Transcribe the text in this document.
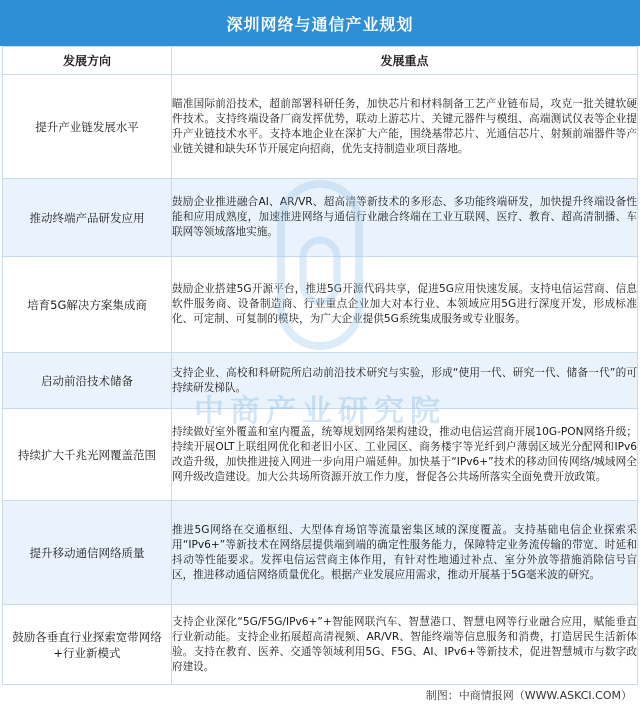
深圳网络与通信产业规划
发展方向	发展重点
提升产业链发展水平	瞄准国际前沿技术，超前部署科研任务，加快芯片和材料制备工艺产业链布局，攻克一批关键软硬件技术。支持终端设备厂商发挥优势，联动上游芯片、关键元器件与模组、高端测试仪表等企业提升产业链技术水平。支持本地企业在深扩大产能，围绕基带芯片、光通信芯片、射频前端器件等产业链关键和缺失环节开展定向招商，优先支持制造业项目落地。
推动终端产品研发应用	鼓励企业推进融合AI、AR/VR、超高清等新技术的多形态、多功能终端研发，加快提升终端设备性能和应用成熟度，加速推进网络与通信行业融合终端在工业互联网、医疗、教育、超高清制播、车联网等领域落地实施。
培育5G解决方案集成商	鼓励企业搭建5G开源平台，推进5G开源代码共享，促进5G应用快速发展。支持电信运营商、信息软件服务商、设备制造商、行业重点企业加大对本行业、本领域应用5G进行深度开发，形成标准化、可定制、可复制的模块，为广大企业提供5G系统集成服务或专业服务。
启动前沿技术储备	支持企业、高校和科研院所启动前沿技术研究与实验，形成“使用一代、研究一代、储备一代”的可持续研发梯队。
持续扩大千兆光网覆盖范围	持续做好室外覆盖和室内覆盖，统筹规划网络架构建设，推动电信运营商开展10G-PON网络升级；持续开展OLT上联组网优化和老旧小区、工业园区、商务楼宇等光纤到户薄弱区域光分配网和IPv6改造升级，加快推进接入网进一步向用户端延伸。加快基于“IPv6+”技术的移动回传网络/城域网全网升级改造建设。加大公共场所资源开放工作力度，督促各公共场所落实全面免费开放政策。
提升移动通信网络质量	推进5G网络在交通枢纽、大型体育场馆等流量密集区域的深度覆盖。支持基础电信企业探索采用“IPv6+”等新技术在网络层提供端到端的确定性服务能力，保障特定业务流传输的带宽、时延和抖动等性能要求。发挥电信运营商主体作用，有针对性地通过补点、室分外放等措施消除信号盲区，推进移动通信网络质量优化。根据产业发展应用需求，推动开展基于5G毫米波的研究。
鼓励各垂直行业探索宽带网络+行业新模式	支持企业深化“5G/F5G/IPv6+”+智能网联汽车、智慧港口、智慧电网等行业融合应用，赋能垂直行业新动能。支持企业拓展超高清视频、AR/VR、智能终端等信息服务和消费，打造居民生活新体验。支持在教育、医养、交通等领域利用5G、F5G、AI、IPv6+等新技术，促进智慧城市与数字政府建设。
中商产业研究院
制图：中商情报网（WWW.ASKCI.COM）
